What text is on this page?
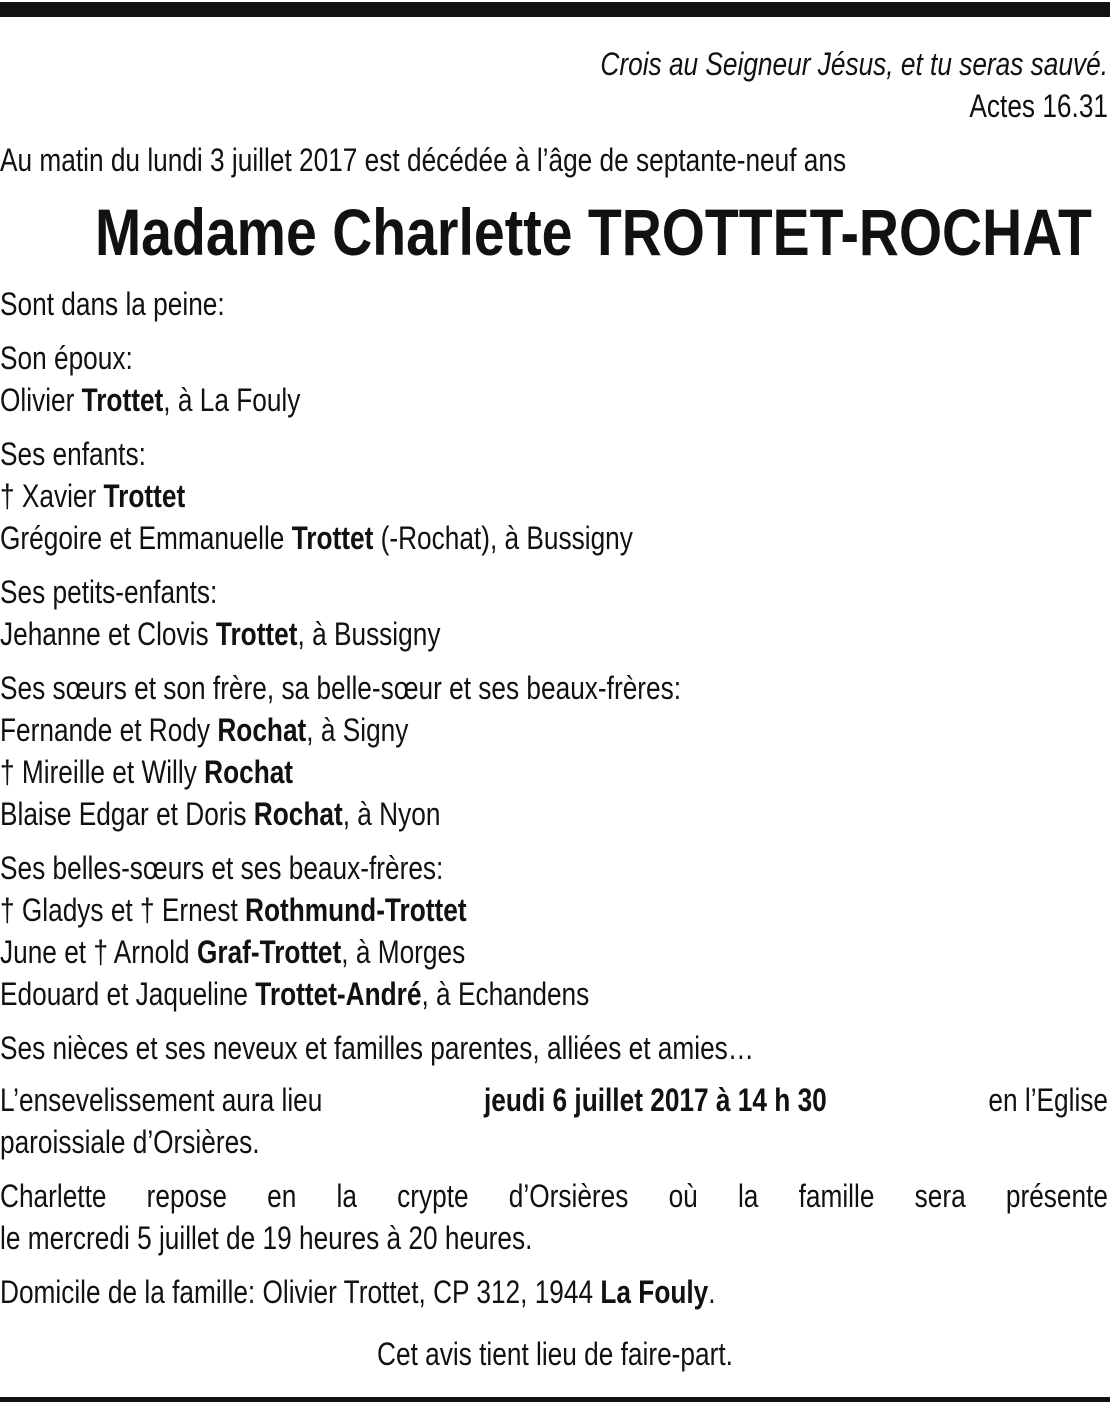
Crois au Seigneur Jésus, et tu seras sauvé.
Actes 16.31
Au matin du lundi 3 juillet 2017 est décédée à l’âge de septante-neuf ans
Madame Charlette TROTTET-ROCHAT
Sont dans la peine:
Son époux:
Olivier Trottet, à La Fouly
Ses enfants:
† Xavier Trottet
Grégoire et Emmanuelle Trottet (-Rochat), à Bussigny
Ses petits-enfants:
Jehanne et Clovis Trottet, à Bussigny
Ses sœurs et son frère, sa belle-sœur et ses beaux-frères:
Fernande et Rody Rochat, à Signy
† Mireille et Willy Rochat
Blaise Edgar et Doris Rochat, à Nyon
Ses belles-sœurs et ses beaux-frères:
† Gladys et † Ernest Rothmund-Trottet
June et † Arnold Graf-Trottet, à Morges
Edouard et Jaqueline Trottet-André, à Echandens
Ses nièces et ses neveux et familles parentes, alliées et amies…
L’ensevelissement aura lieu	jeudi 6 juillet 2017 à 14 h 30	en l’Eglise
paroissiale d’Orsières.
Charlette repose en la crypte d’Orsières où la famille sera présente
le mercredi 5 juillet de 19 heures à 20 heures.
Domicile de la famille: Olivier Trottet, CP 312, 1944 La Fouly.
Cet avis tient lieu de faire-part.
